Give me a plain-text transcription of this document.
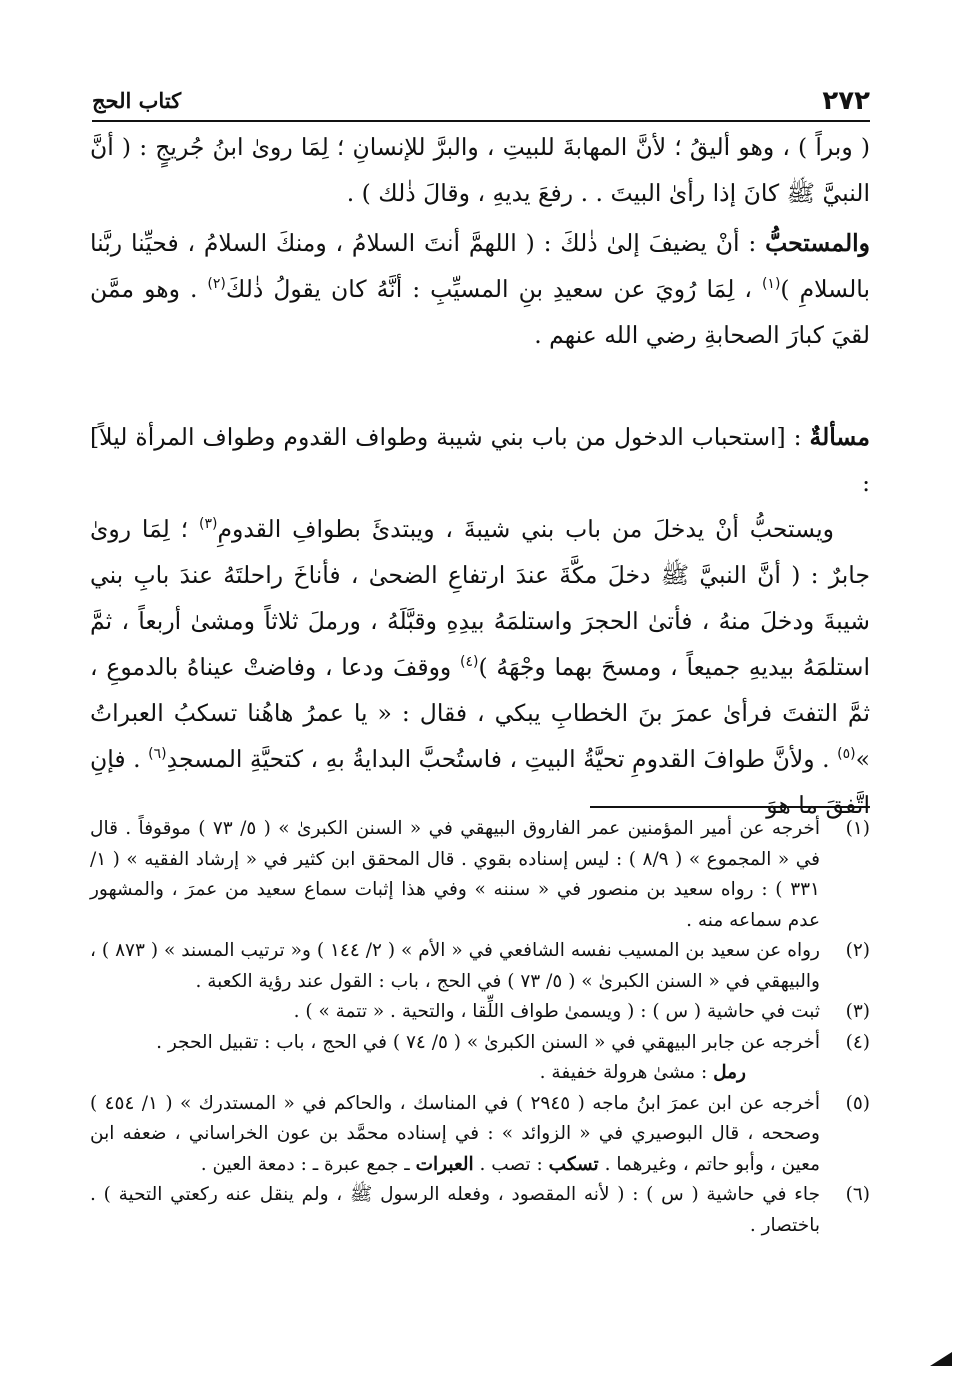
٢٧٢
كتاب الحج

( وبراً ) ، وهو أليقُ ؛ لأنَّ المهابةَ للبيتِ ، والبرَّ للإنسانِ ؛ لِمَا روىٰ ابنُ جُريجٍ : ( أنَّ النبيَّ ﷺ كانَ إذا رأىٰ البيتَ . . رفعَ يديهِ ، وقالَ ذٰلك ) .

والمستحبُّ : أنْ يضيفَ إلىٰ ذٰلكَ : ( اللهمَّ أنتَ السلامُ ، ومنكَ السلامُ ، فحيِّنا ربَّنا بالسلامِ )$^{(١)}$ ، لِمَا رُويَ عن سعيدِ بنِ المسيِّبِ : أنَّهُ كان يقولُ ذٰلكَ$^{(٢)}$ . وهو ممَّن لقيَ كبارَ الصحابةِ رضي الله عنهم .

مسألةٌ : [استحباب الدخول من باب بني شيبة وطواف القدوم وطواف المرأة ليلاً] :

ويستحبُّ أنْ يدخلَ من باب بني شيبةَ ، ويبتدئَ بطوافِ القدومِ$^{(٣)}$ ؛ لِمَا روىٰ جابرٌ : ( أنَّ النبيَّ ﷺ دخلَ مكَّةَ عندَ ارتفاعِ الضحىٰ ، فأناخَ راحلتَهُ عندَ بابِ بني شيبةَ ودخلَ منهُ ، فأتىٰ الحجرَ واستلمَهُ بيدِهِ وقبَّلَهُ ، ورملَ ثلاثاً ومشىٰ أربعاً ، ثمَّ استلمَهُ بيديهِ جميعاً ، ومسحَ بهما وجْهَهُ )$^{(٤)}$ ووقفَ ودعا ، وفاضتْ عيناهُ بالدموعِ ، ثمَّ التفتَ فرأىٰ عمرَ بنَ الخطابِ يبكي ، فقال : « يا عمرُ هاهُنا تسكبُ العبراتُ »$^{(٥)}$ . ولأنَّ طوافَ القدومِ تحيَّةُ البيتِ ، فاستُحبَّ البدايةُ بهِ ، كتحيَّةِ المسجدِ$^{(٦)}$ . فإنِ اتَّفقَ ما هوَ

(١)
أخرجه عن أمير المؤمنين عمر الفاروق البيهقي في « السنن الكبرىٰ » ( ٥/ ٧٣ ) موقوفاً . قال في « المجموع » ( ٨/٩ ) : ليس إسناده بقوي . قال المحقق ابن كثير في « إرشاد الفقيه » ( ١/ ٣٣١ ) : رواه سعيد بن منصور في « سننه » وفي هذا إثبات سماع سعيد من عمرَ ، والمشهور عدم سماعه منه .
(٢)
رواه عن سعيد بن المسيب نفسه الشافعي في « الأم » ( ٢/ ١٤٤ ) و« ترتيب المسند » ( ٨٧٣ ) ، والبيهقي في « السنن الكبرىٰ » ( ٥/ ٧٣ ) في الحج ، باب : القول عند رؤية الكعبة .
(٣)
ثبت في حاشية ( س ) : ( ويسمىٰ طواف اللِّقا ، والتحية . « تتمة » ) .
(٤)
أخرجه عن جابر البيهقي في « السنن الكبرىٰ » ( ٥/ ٧٤ ) في الحج ، باب : تقبيل الحجر .
رمل : مشىٰ هرولة خفيفة .
(٥)
أخرجه عن ابن عمرَ ابنُ ماجه ( ٢٩٤٥ ) في المناسك ، والحاكم في « المستدرك » ( ١/ ٤٥٤ ) وصححه ، قال البوصيري في « الزوائد » : في إسناده محمَّد بن عون الخراساني ، ضعفه ابن معين ، وأبو حاتم ، وغيرهما . تسكب : تصب . العبرات ـ جمع عبرة ـ : دمعة العين .
(٦)
جاء في حاشية ( س ) : ( لأنه المقصود ، وفعله الرسول ﷺ ، ولم ينقل عنه ركعتي التحية ) . باختصار .
